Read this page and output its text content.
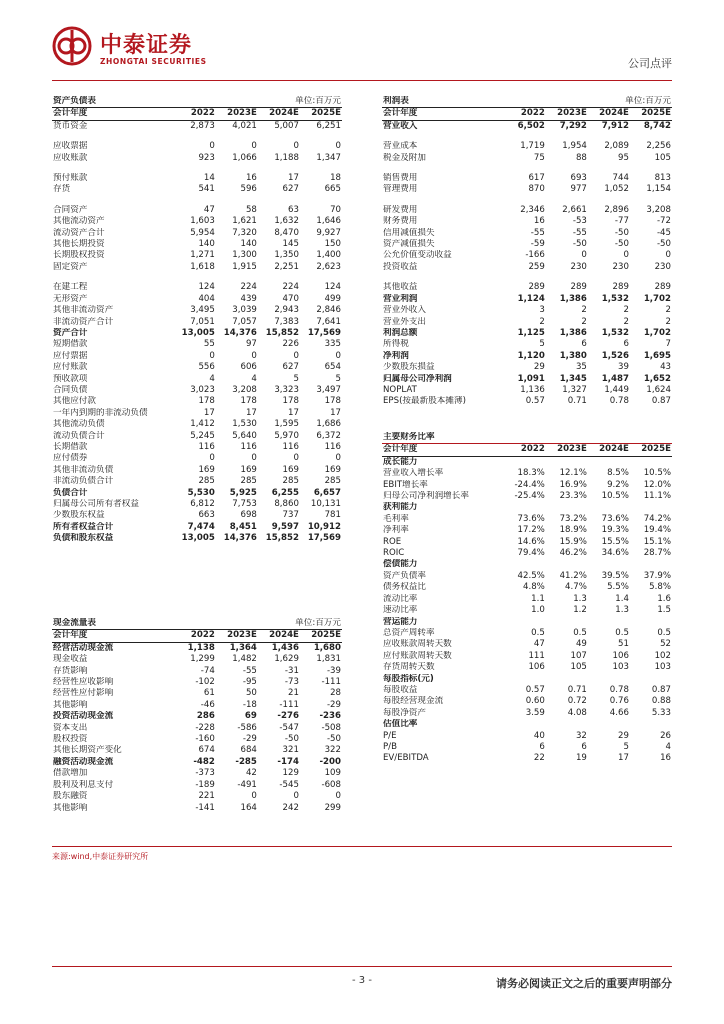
中泰证券
ZHONGTAI SECURITIES	公司点评
资产负债表		单位:百万元		
会计年度	2022	2023E	2024E	2025E
货币资金	2,873	4,021	5,007	6,251

应收票据	0	0	0	0
应收账款	923	1,066	1,188	1,347

预付账款	14	16	17	18
存货	541	596	627	665

合同资产	47	58	63	70
其他流动资产	1,603	1,621	1,632	1,646
流动资产合计	5,954	7,320	8,470	9,927
其他长期投资	140	140	145	150
长期股权投资	1,271	1,300	1,350	1,400
固定资产	1,618	1,915	2,251	2,623

在建工程	124	224	224	124
无形资产	404	439	470	499
其他非流动资产	3,495	3,039	2,943	2,846
非流动资产合计	7,051	7,057	7,383	7,641
资产合计	13,005	14,376	15,852	17,569
短期借款	55	97	226	335
应付票据	0	0	0	0
应付账款	556	606	627	654
预收款项	4	4	5	5
合同负债	3,023	3,208	3,323	3,497
其他应付款	178	178	178	178
一年内到期的非流动负债	17	17	17	17
其他流动负债	1,412	1,530	1,595	1,686
流动负债合计	5,245	5,640	5,970	6,372
长期借款	116	116	116	116
应付债券	0	0	0	0
其他非流动负债	169	169	169	169
非流动负债合计	285	285	285	285
负债合计	5,530	5,925	6,255	6,657
归属母公司所有者权益	6,812	7,753	8,860	10,131
少数股东权益	663	698	737	781
所有者权益合计	7,474	8,451	9,597	10,912
负债和股东权益	13,005	14,376	15,852	17,569
现金流量表		单位:百万元		
会计年度	2022	2023E	2024E	2025E
经营活动现金流	1,138	1,364	1,436	1,680
现金收益	1,299	1,482	1,629	1,831
存货影响	-74	-55	-31	-39
经营性应收影响	-102	-95	-73	-111
经营性应付影响	61	50	21	28
其他影响	-46	-18	-111	-29
投资活动现金流	286	69	-276	-236
资本支出	-228	-586	-547	-508
股权投资	-160	-29	-50	-50
其他长期资产变化	674	684	321	322
融资活动现金流	-482	-285	-174	-200
借款增加	-373	42	129	109
股利及利息支付	-189	-491	-545	-608
股东融资	221	0	0	0
其他影响	-141	164	242	299
利润表		单位:百万元		
会计年度	2022	2023E	2024E	2025E
营业收入	6,502	7,292	7,912	8,742

营业成本	1,719	1,954	2,089	2,256
税金及附加	75	88	95	105

销售费用	617	693	744	813
管理费用	870	977	1,052	1,154

研发费用	2,346	2,661	2,896	3,208
财务费用	16	-53	-77	-72
信用减值损失	-55	-55	-50	-45
资产减值损失	-59	-50	-50	-50
公允价值变动收益	-166	0	0	0
投资收益	259	230	230	230

其他收益	289	289	289	289
营业利润	1,124	1,386	1,532	1,702
营业外收入	3	2	2	2
营业外支出	2	2	2	2
利润总额	1,125	1,386	1,532	1,702
所得税	5	6	6	7
净利润	1,120	1,380	1,526	1,695
少数股东损益	29	35	39	43
归属母公司净利润	1,091	1,345	1,487	1,652
NOPLAT	1,136	1,327	1,449	1,624
EPS(按最新股本摊薄)	0.57	0.71	0.78	0.87
主要财务比率				
会计年度	2022	2023E	2024E	2025E
成长能力				
营业收入增长率	18.3%	12.1%	8.5%	10.5%
EBIT增长率	-24.4%	16.9%	9.2%	12.0%
归母公司净利润增长率	-25.4%	23.3%	10.5%	11.1%
获利能力				
毛利率	73.6%	73.2%	73.6%	74.2%
净利率	17.2%	18.9%	19.3%	19.4%
ROE	14.6%	15.9%	15.5%	15.1%
ROIC	79.4%	46.2%	34.6%	28.7%
偿债能力				
资产负债率	42.5%	41.2%	39.5%	37.9%
债务权益比	4.8%	4.7%	5.5%	5.8%
流动比率	1.1	1.3	1.4	1.6
速动比率	1.0	1.2	1.3	1.5
营运能力				
总资产周转率	0.5	0.5	0.5	0.5
应收账款周转天数	47	49	51	52
应付账款周转天数	111	107	106	102
存货周转天数	106	105	103	103
每股指标(元)				
每股收益	0.57	0.71	0.78	0.87
每股经营现金流	0.60	0.72	0.76	0.88
每股净资产	3.59	4.08	4.66	5.33
估值比率				
P/E	40	32	29	26
P/B	6	6	5	4
EV/EBITDA	22	19	17	16
来源:wind,中泰证券研究所
- 3 -	请务必阅读正文之后的重要声明部分
